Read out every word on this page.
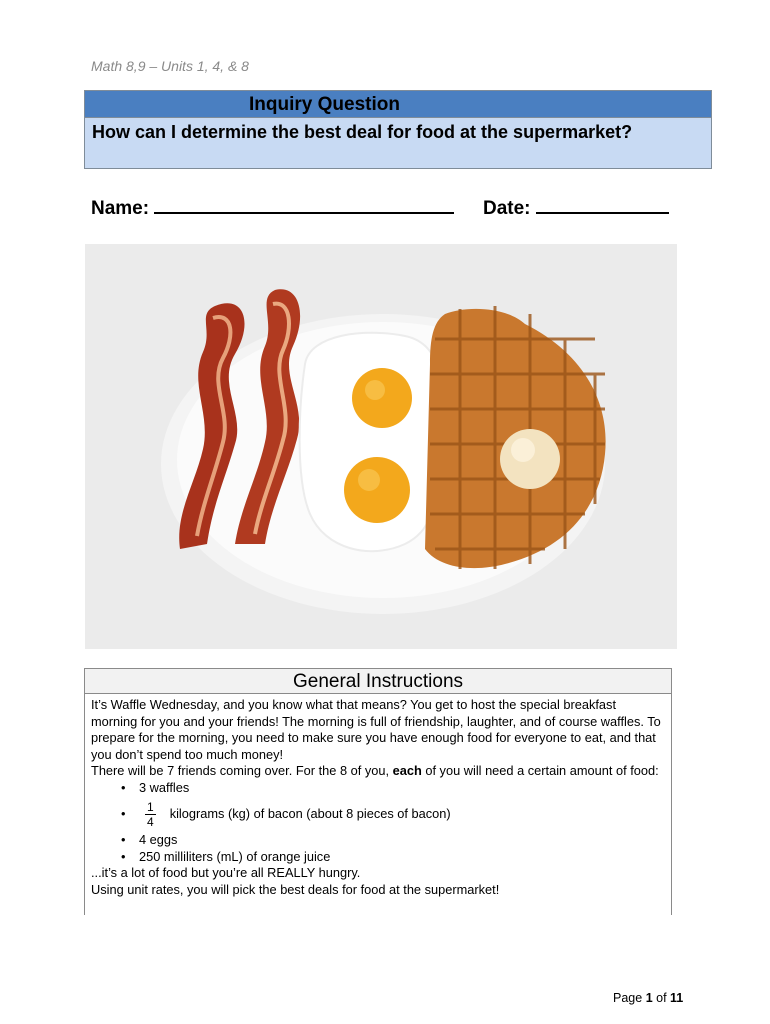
Math 8,9 – Units 1, 4, & 8
Inquiry Question
How can I determine the best deal for food at the supermarket?
Name:	Date:
General Instructions

It’s Waffle Wednesday, and you know what that means? You get to host the special breakfast morning for you and your friends! The morning is full of friendship, laughter, and of course waffles. To prepare for the morning, you need to make sure you have enough food for everyone to eat, and that you don’t spend too much money!

There will be 7 friends coming over. For the 8 of you, each of you will need a certain amount of food:

• 3 waffles
• $\frac{1}{4}$ kilograms (kg) of bacon (about 8 pieces of bacon)
• 4 eggs
• 250 milliliters (mL) of orange juice

...it’s a lot of food but you’re all REALLY hungry.

Using unit rates, you will pick the best deals for food at the supermarket!

Page 1 of 11
